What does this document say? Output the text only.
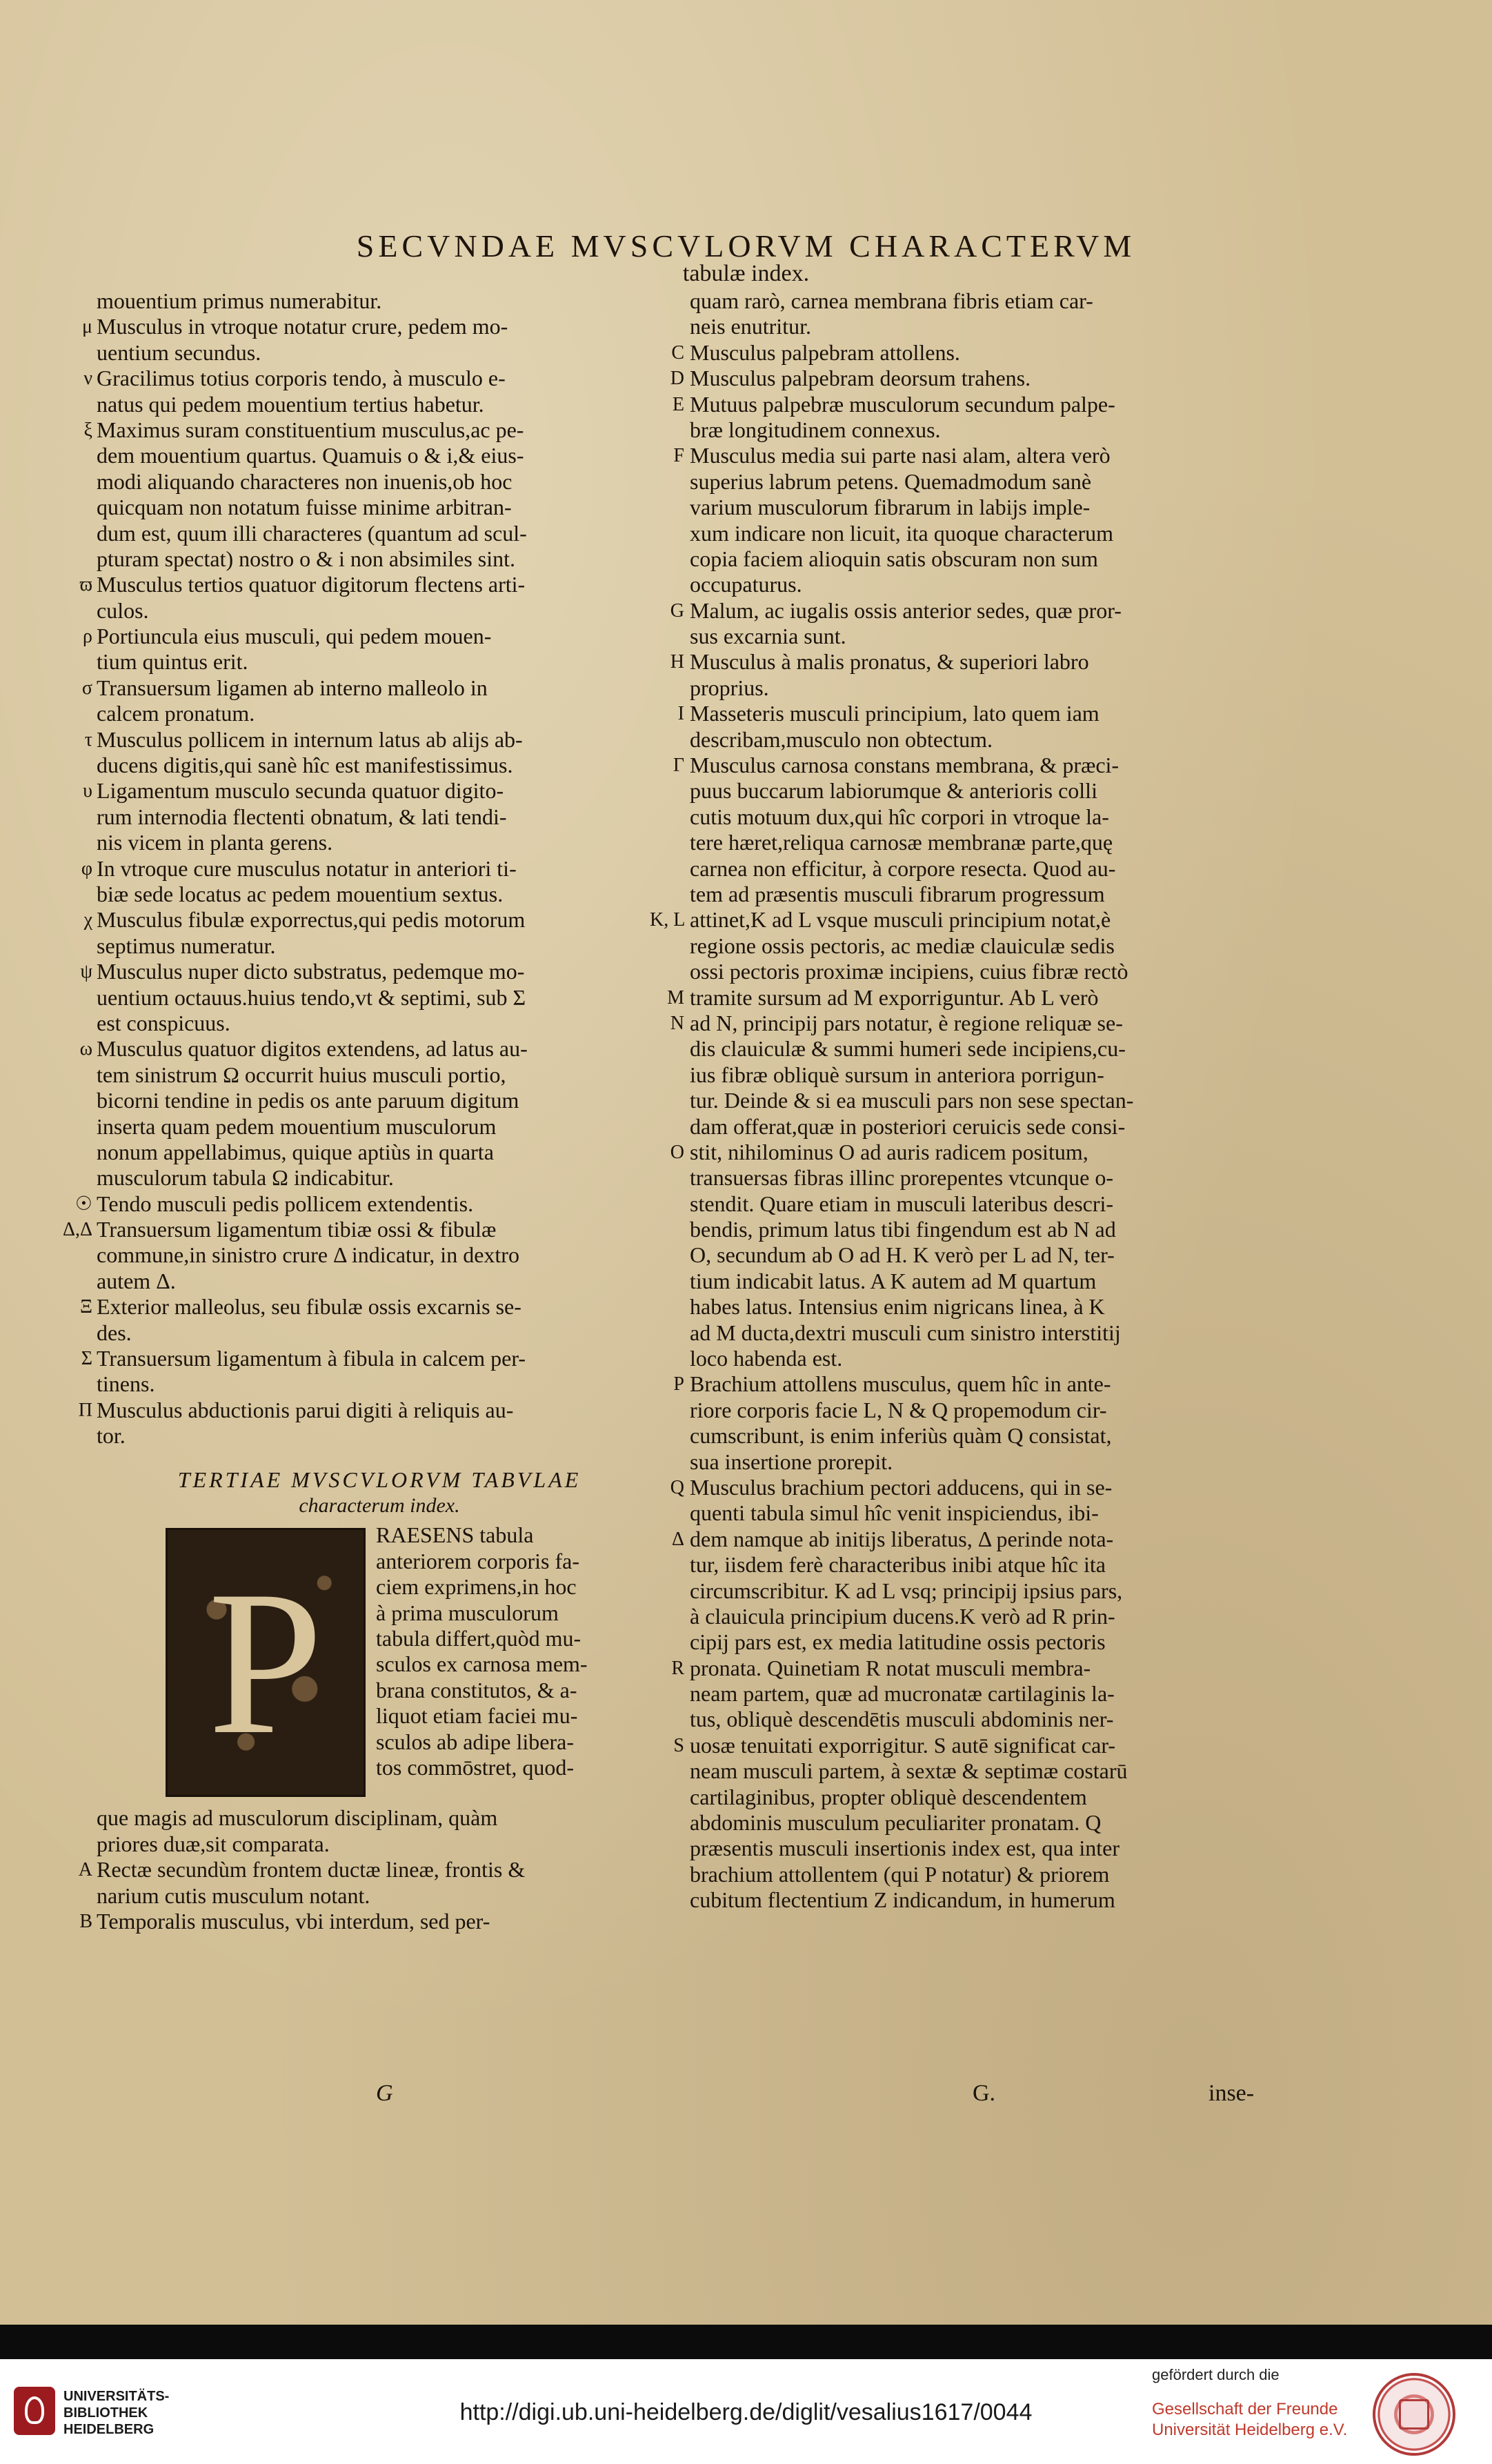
SECVNDAE MVSCVLORVM CHARACTERVM
tabulæ index.
mouentium primus numerabitur.
μ Musculus in vtroque notatur crure, pedem mo-
uentium secundus.
ν Gracilimus totius corporis tendo, à musculo e-
natus qui pedem mouentium tertius habetur.
ξ Maximus suram constituentium musculus,ac pe-
dem mouentium quartus. Quamuis o & i,& eius-
modi aliquando characteres non inuenis,ob hoc
quicquam non notatum fuisse minime arbitran-
dum est, quum illi characteres (quantum ad scul-
pturam spectat) nostro o & i non absimiles sint.
ϖ Musculus tertios quatuor digitorum flectens arti-
culos.
ρ Portiuncula eius musculi, qui pedem mouen-
tium quintus erit.
σ Transuersum ligamen ab interno malleolo in
calcem pronatum.
τ Musculus pollicem in internum latus ab alijs ab-
ducens digitis,qui sanè hîc est manifestissimus.
υ Ligamentum musculo secunda quatuor digito-
rum internodia flectenti obnatum, & lati tendi-
nis vicem in planta gerens.
φ In vtroque cure musculus notatur in anteriori ti-
biæ sede locatus ac pedem mouentium sextus.
χ Musculus fibulæ exporrectus,qui pedis motorum
septimus numeratur.
ψ Musculus nuper dicto substratus, pedemque mo-
uentium octauus.huius tendo,vt & septimi, sub Σ
est conspicuus.
ω Musculus quatuor digitos extendens, ad latus au-
tem sinistrum Ω occurrit huius musculi portio,
bicorni tendine in pedis os ante paruum digitum
inserta quam pedem mouentium musculorum
nonum appellabimus, quique aptiùs in quarta
musculorum tabula Ω indicabitur.
☉ Tendo musculi pedis pollicem extendentis.
Δ,Δ Transuersum ligamentum tibiæ ossi & fibulæ
commune,in sinistro crure Δ indicatur, in dextro
autem Δ.
Ξ Exterior malleolus, seu fibulæ ossis excarnis se-
des.
Σ Transuersum ligamentum à fibula in calcem per-
tinens.
Π Musculus abductionis parui digiti à reliquis au-
tor.
TERTIAE MVSCVLORVM TABVLAE
characterum index.
P
RAESENS tabula
anteriorem corporis fa-
ciem exprimens,in hoc
à prima musculorum
tabula differt,quòd mu-
sculos ex carnosa mem-
brana constitutos, & a-
liquot etiam faciei mu-
sculos ab adipe libera-
tos commōstret, quod-
que magis ad musculorum disciplinam, quàm
priores duæ,sit comparata.
A Rectæ secundùm frontem ductæ lineæ, frontis &
narium cutis musculum notant.
B Temporalis musculus, vbi interdum, sed per-
quam rarò, carnea membrana fibris etiam car-
neis enutritur.
C Musculus palpebram attollens.
D Musculus palpebram deorsum trahens.
E Mutuus palpebræ musculorum secundum palpe-
bræ longitudinem connexus.
F Musculus media sui parte nasi alam, altera verò
superius labrum petens. Quemadmodum sanè
varium musculorum fibrarum in labijs imple-
xum indicare non licuit, ita quoque characterum
copia faciem alioquin satis obscuram non sum
occupaturus.
G Malum, ac iugalis ossis anterior sedes, quæ pror-
sus excarnia sunt.
H Musculus à malis pronatus, & superiori labro
proprius.
I Masseteris musculi principium, lato quem iam
describam,musculo non obtectum.
Γ Musculus carnosa constans membrana, & præci-
puus buccarum labiorumque & anterioris colli
cutis motuum dux,qui hîc corpori in vtroque la-
tere hæret,reliqua carnosæ membranæ parte,quę
carnea non efficitur, à corpore resecta. Quod au-
tem ad præsentis musculi fibrarum progressum
K, L attinet,K ad L vsque musculi principium notat,è
regione ossis pectoris, ac mediæ clauiculæ sedis
ossi pectoris proximæ incipiens, cuius fibræ rectò
M tramite sursum ad M exporriguntur. Ab L verò
N ad N, principij pars notatur, è regione reliquæ se-
dis clauiculæ & summi humeri sede incipiens,cu-
ius fibræ obliquè sursum in anteriora porrigun-
tur. Deinde & si ea musculi pars non sese spectan-
dam offerat,quæ in posteriori ceruicis sede consi-
O stit, nihilominus O ad auris radicem positum,
transuersas fibras illinc prorepentes vtcunque o-
stendit. Quare etiam in musculi lateribus descri-
bendis, primum latus tibi fingendum est ab N ad
O, secundum ab O ad H. K verò per L ad N, ter-
tium indicabit latus. A K autem ad M quartum
habes latus. Intensius enim nigricans linea, à K
ad M ducta,dextri musculi cum sinistro interstitij
loco habenda est.
P Brachium attollens musculus, quem hîc in ante-
riore corporis facie L, N & Q propemodum cir-
cumscribunt, is enim inferiùs quàm Q consistat,
sua insertione prorepit.
Q Musculus brachium pectori adducens, qui in se-
quenti tabula simul hîc venit inspiciendus, ibi-
Δ dem namque ab initijs liberatus, Δ perinde nota-
tur, iisdem ferè characteribus inibi atque hîc ita
circumscribitur. K ad L vsq; principij ipsius pars,
à clauicula principium ducens.K verò ad R prin-
cipij pars est, ex media latitudine ossis pectoris
R pronata. Quinetiam R notat musculi membra-
neam partem, quæ ad mucronatæ cartilaginis la-
tus, obliquè descendētis musculi abdominis ner-
S uosæ tenuitati exporrigitur. S autē significat car-
neam musculi partem, à sextæ & septimæ costarū
cartilaginibus, propter obliquè descendentem
abdominis musculum peculiariter pronatam. Q
præsentis musculi insertionis index est, qua inter
brachium attollentem (qui P notatur) & priorem
cubitum flectentium Z indicandum, in humerum
G	G.	inse-
UNIVERSITÄTS-
BIBLIOTHEK
HEIDELBERG
http://digi.ub.uni-heidelberg.de/diglit/vesalius1617/0044
gefördert durch die
Gesellschaft der Freunde
Universität Heidelberg e.V.
